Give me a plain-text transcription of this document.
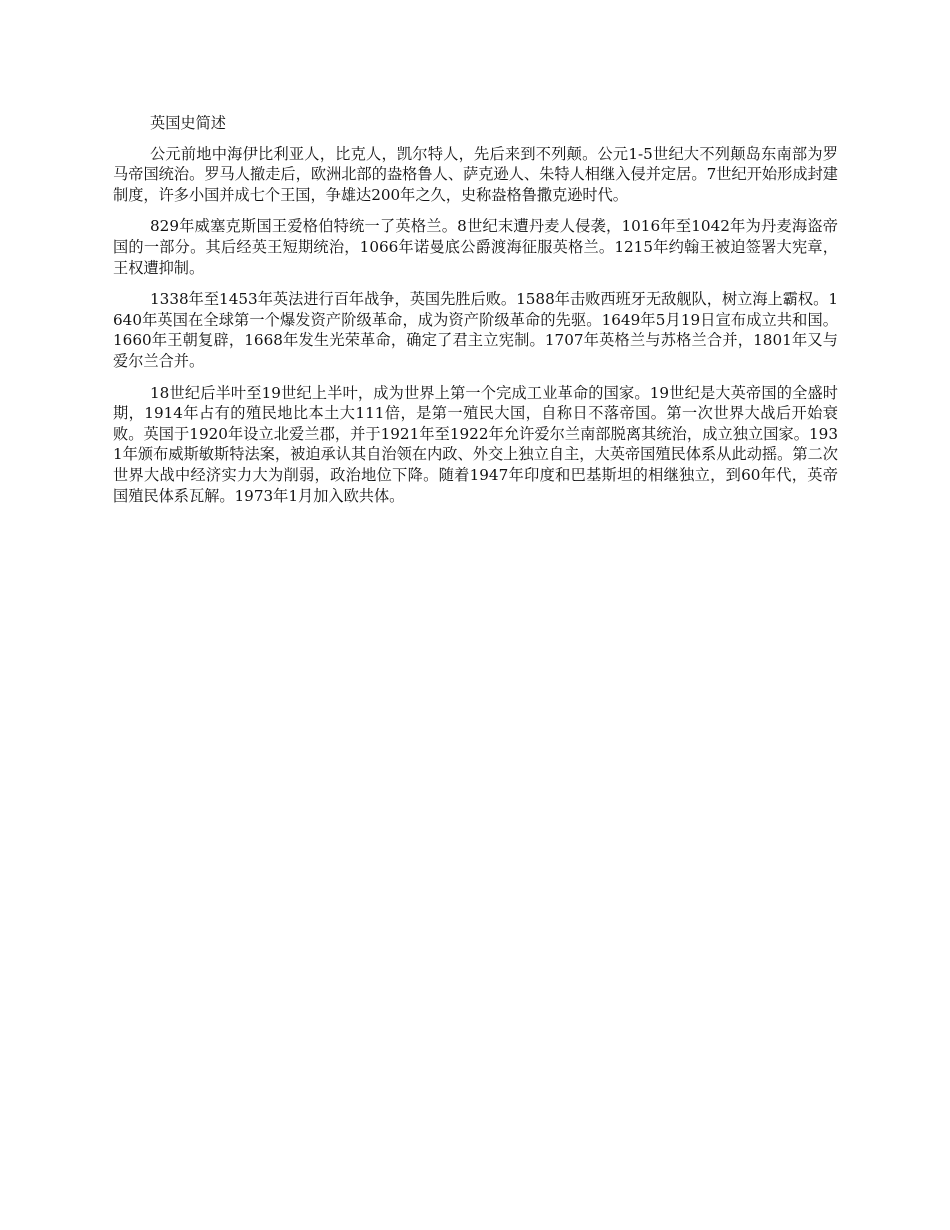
英国史简述

公元前地中海伊比利亚人，比克人，凯尔特人，先后来到不列颠。公元1-5世纪大不列颠岛东南部为罗马帝国统治。罗马人撤走后，欧洲北部的盎格鲁人、萨克逊人、朱特人相继入侵并定居。7世纪开始形成封建制度，许多小国并成七个王国，争雄达200年之久，史称盎格鲁撒克逊时代。

829年威塞克斯国王爱格伯特统一了英格兰。8世纪末遭丹麦人侵袭，1016年至1042年为丹麦海盗帝国的一部分。其后经英王短期统治，1066年诺曼底公爵渡海征服英格兰。1215年约翰王被迫签署大宪章，王权遭抑制。

1338年至1453年英法进行百年战争，英国先胜后败。1588年击败西班牙无敌舰队，树立海上霸权。1640年英国在全球第一个爆发资产阶级革命，成为资产阶级革命的先驱。1649年5月19日宣布成立共和国。1660年王朝复辟，1668年发生光荣革命，确定了君主立宪制。1707年英格兰与苏格兰合并，1801年又与爱尔兰合并。

18世纪后半叶至19世纪上半叶，成为世界上第一个完成工业革命的国家。19世纪是大英帝国的全盛时期，1914年占有的殖民地比本土大111倍，是第一殖民大国，自称日不落帝国。第一次世界大战后开始衰败。英国于1920年设立北爱兰郡，并于1921年至1922年允许爱尔兰南部脱离其统治，成立独立国家。1931年颁布威斯敏斯特法案，被迫承认其自治领在内政、外交上独立自主，大英帝国殖民体系从此动摇。第二次世界大战中经济实力大为削弱，政治地位下降。随着1947年印度和巴基斯坦的相继独立，到60年代，英帝国殖民体系瓦解。1973年1月加入欧共体。
